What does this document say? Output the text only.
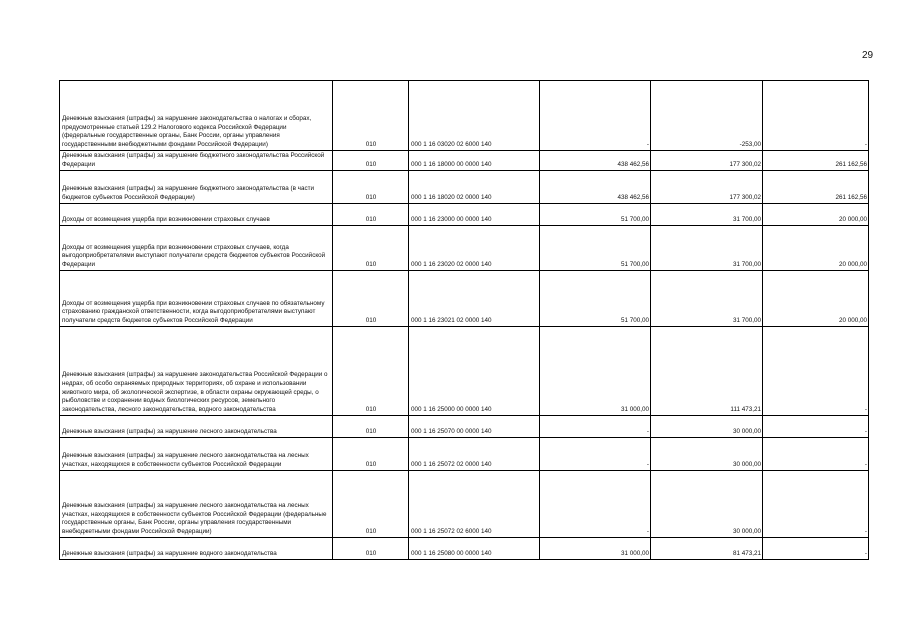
29
Денежные взыскания (штрафы) за нарушение законодательства о налогах и сборах, предусмотренные статьей 129.2 Налогового кодекса Российской Федерации (федеральные государственные органы, Банк России, органы управления государственными внебюджетными фондами Российской Федерации)	010	000 1 16 03020 02 6000 140	-	-253,00	-
Денежные взыскания (штрафы) за нарушение бюджетного законодательства Российской Федерации	010	000 1 16 18000 00 0000 140	438 462,56	177 300,02	261 162,56
Денежные взыскания (штрафы) за нарушение бюджетного законодательства (в части бюджетов субъектов Российской Федерации)	010	000 1 16 18020 02 0000 140	438 462,56	177 300,02	261 162,56
Доходы от возмещения ущерба при возникновении страховых случаев	010	000 1 16 23000 00 0000 140	51 700,00	31 700,00	20 000,00
Доходы от возмещения ущерба при возникновении страховых случаев, когда выгодоприобретателями выступают получатели средств бюджетов субъектов Российской Федерации	010	000 1 16 23020 02 0000 140	51 700,00	31 700,00	20 000,00
Доходы от возмещения ущерба при возникновении страховых случаев по обязательному страхованию гражданской ответственности, когда выгодоприобретателями выступают получатели средств бюджетов субъектов Российской Федерации	010	000 1 16 23021 02 0000 140	51 700,00	31 700,00	20 000,00
Денежные взыскания (штрафы) за нарушение законодательства Российской Федерации о недрах, об особо охраняемых природных территориях, об охране и использовании животного мира, об экологической экспертизе, в области охраны окружающей среды, о рыболовстве и сохранении водных биологических ресурсов, земельного законодательства, лесного законодательства, водного законодательства	010	000 1 16 25000 00 0000 140	31 000,00	111 473,21	-
Денежные взыскания (штрафы) за нарушение лесного законодательства	010	000 1 16 25070 00 0000 140	-	30 000,00	-
Денежные взыскания (штрафы) за нарушение лесного законодательства на лесных участках, находящихся в собственности субъектов Российской Федерации	010	000 1 16 25072 02 0000 140	-	30 000,00	-
Денежные взыскания (штрафы) за нарушение лесного законодательства на лесных участках, находящихся в собственности субъектов Российской Федерации (федеральные государственные органы, Банк России, органы управления государственными внебюджетными фондами Российской Федерации)	010	000 1 16 25072 02 6000 140	-	30 000,00	-
Денежные взыскания (штрафы) за нарушение водного законодательства	010	000 1 16 25080 00 0000 140	31 000,00	81 473,21	-
